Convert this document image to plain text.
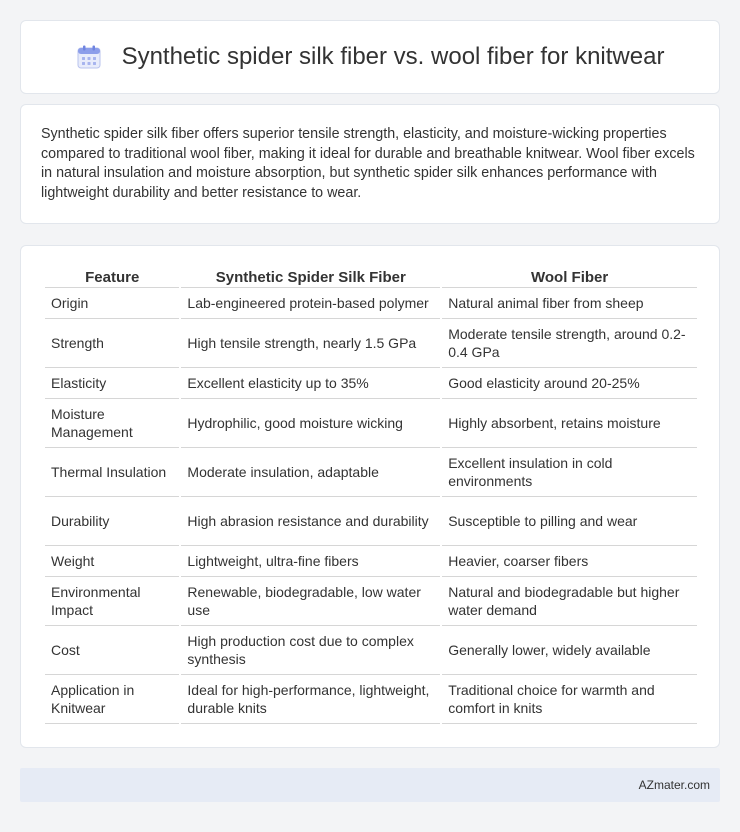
Synthetic spider silk fiber vs. wool fiber for knitwear

Synthetic spider silk fiber offers superior tensile strength, elasticity, and moisture-wicking properties compared to traditional wool fiber, making it ideal for durable and breathable knitwear. Wool fiber excels in natural insulation and moisture absorption, but synthetic spider silk enhances performance with lightweight durability and better resistance to wear.

Feature	Synthetic Spider Silk Fiber	Wool Fiber
Origin	Lab-engineered protein-based polymer	Natural animal fiber from sheep
Strength	High tensile strength, nearly 1.5 GPa	Moderate tensile strength, around 0.2-0.4 GPa
Elasticity	Excellent elasticity up to 35%	Good elasticity around 20-25%
Moisture Management	Hydrophilic, good moisture wicking	Highly absorbent, retains moisture
Thermal Insulation	Moderate insulation, adaptable	Excellent insulation in cold environments
Durability	High abrasion resistance and durability	Susceptible to pilling and wear
Weight	Lightweight, ultra-fine fibers	Heavier, coarser fibers
Environmental Impact	Renewable, biodegradable, low water use	Natural and biodegradable but higher water demand
Cost	High production cost due to complex synthesis	Generally lower, widely available
Application in Knitwear	Ideal for high-performance, lightweight, durable knits	Traditional choice for warmth and comfort in knits
AZmater.com
